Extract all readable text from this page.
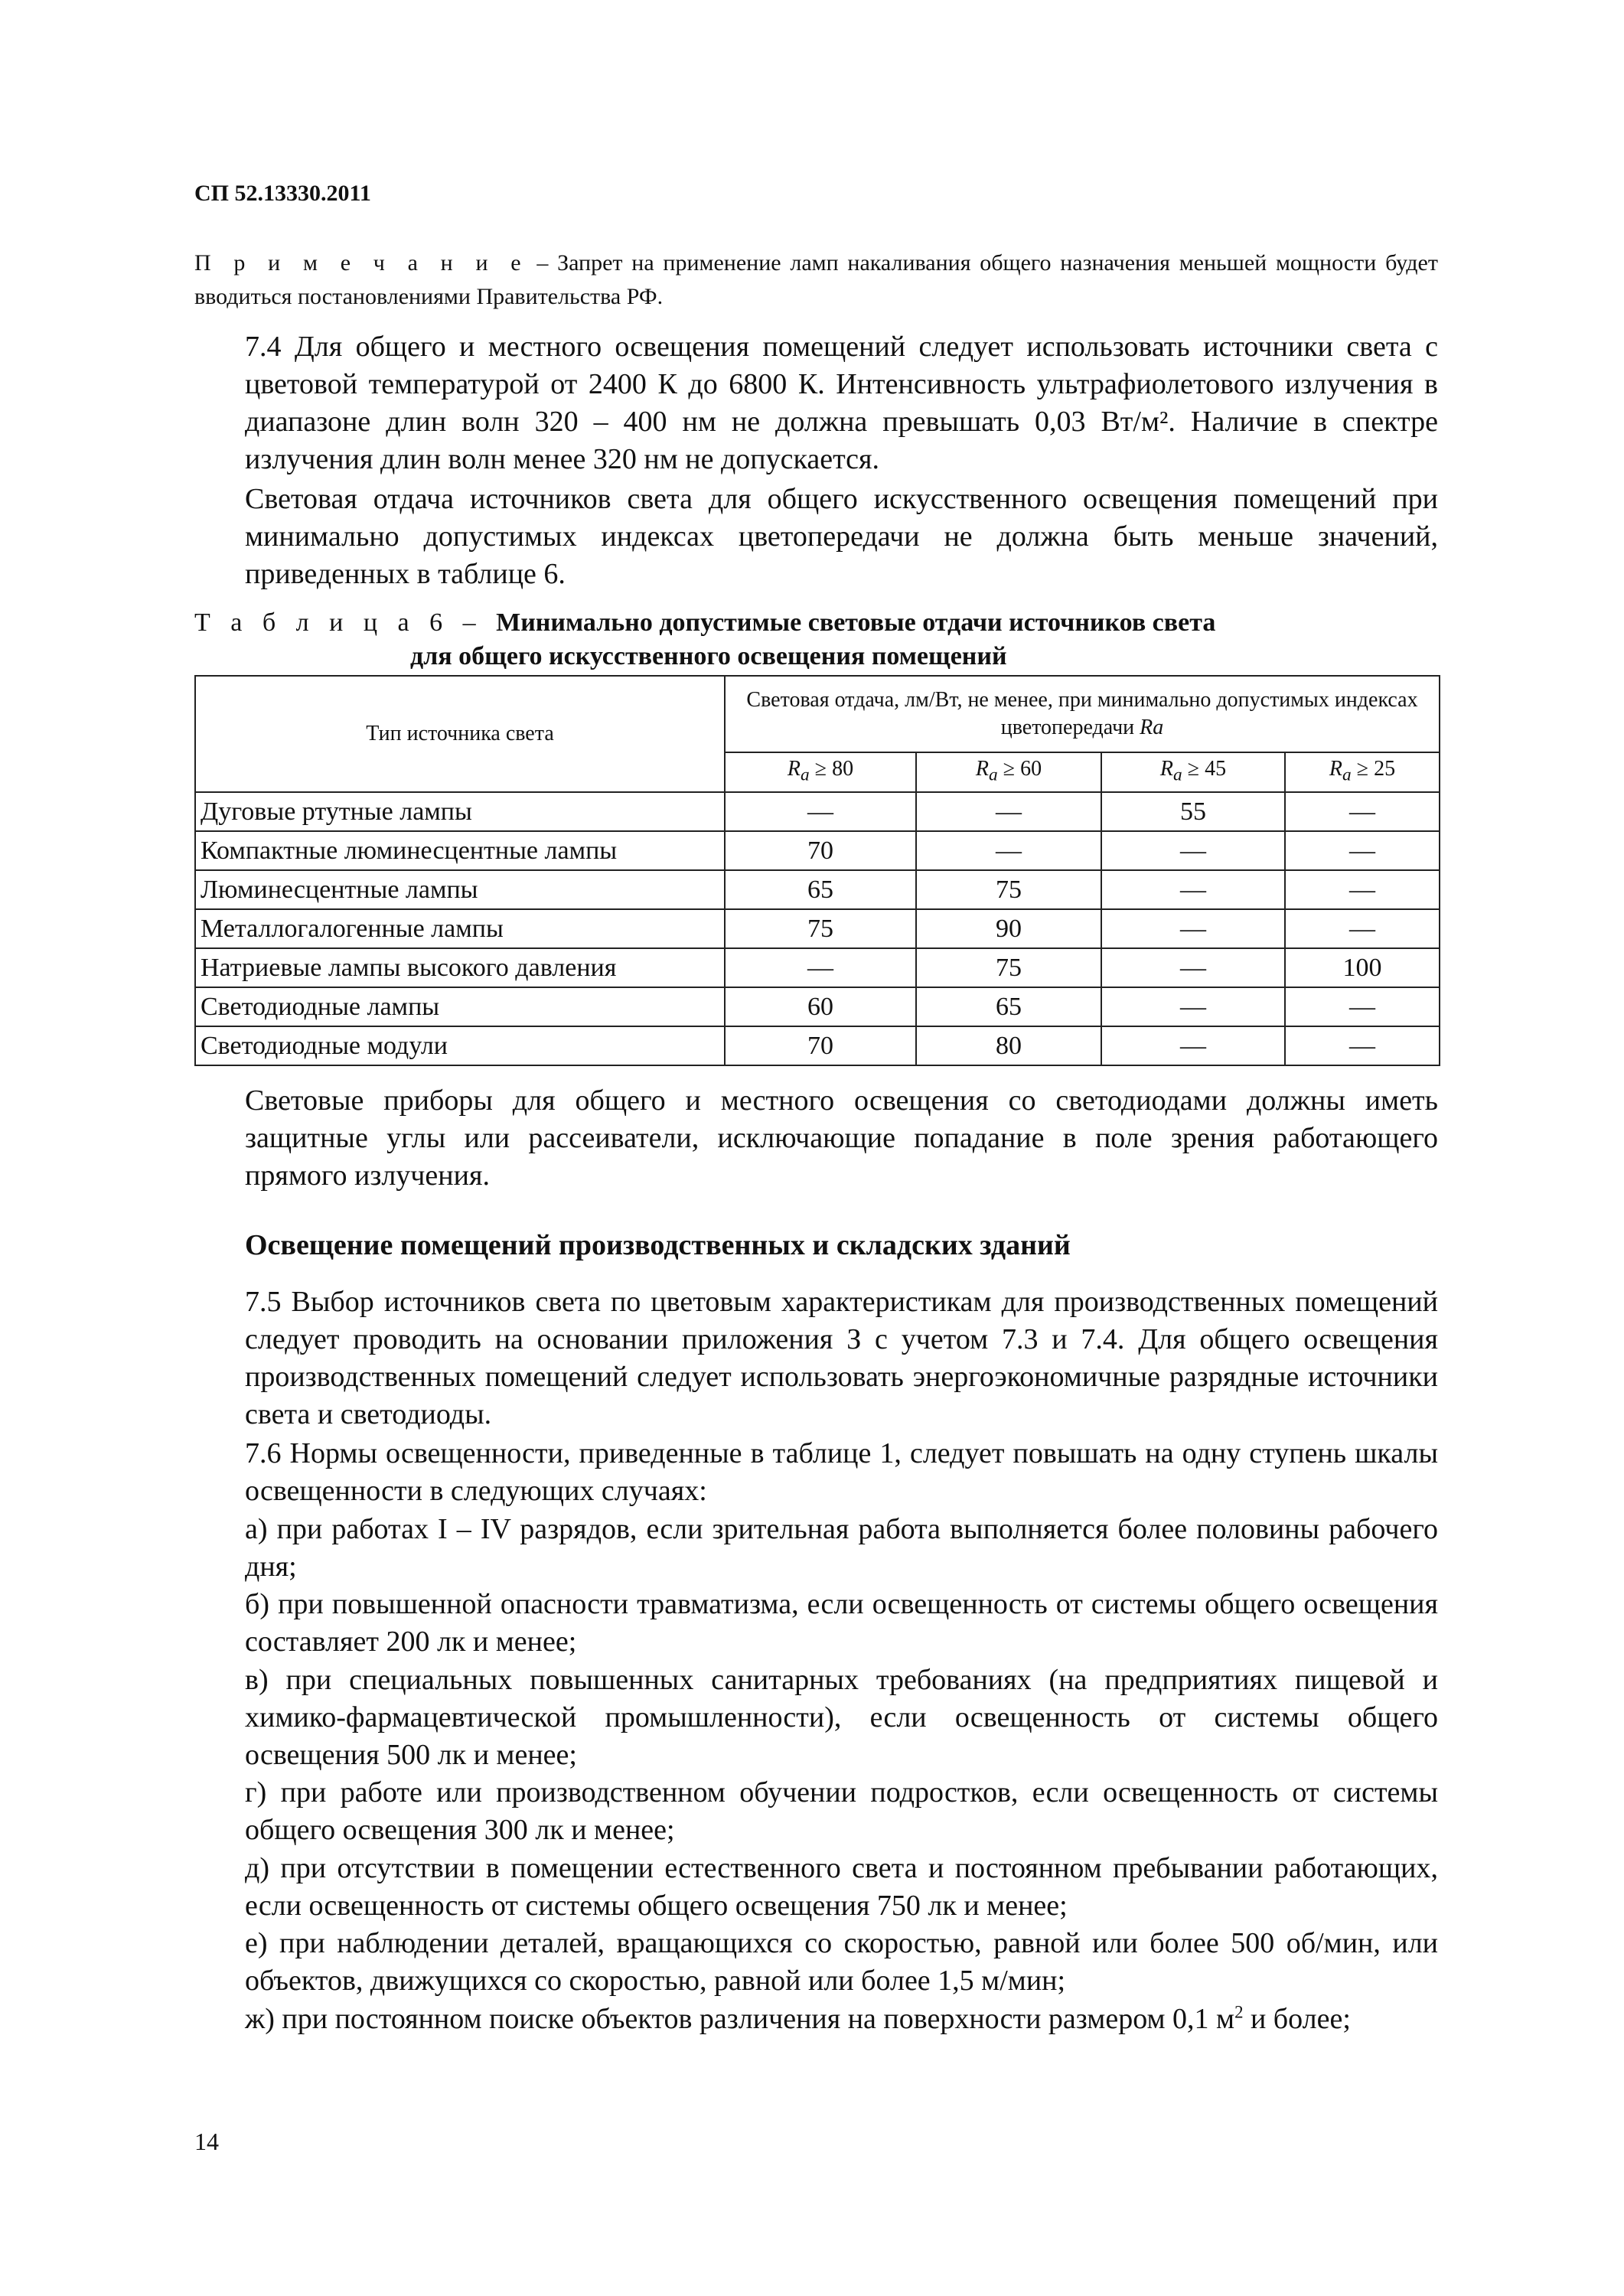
СП 52.13330.2011
П р и м е ч а н и е – Запрет на применение ламп накаливания общего назначения меньшей мощности будет вводиться постановлениями Правительства РФ.
7.4 Для общего и местного освещения помещений следует использовать источники света с цветовой температурой от 2400 К до 6800 К. Интенсивность ультрафиолетового излучения в диапазоне длин волн 320 – 400 нм не должна превышать 0,03 Вт/м². Наличие в спектре излучения длин волн менее 320 нм не допускается.
Световая отдача источников света для общего искусственного освещения помещений при минимально допустимых индексах цветопередачи не должна быть меньше значений, приведенных в таблице 6.
Т а б л и ц а 6 – Минимально допустимые световые отдачи источников света
для общего искусственного освещения помещений
Тип источника света	Световая отдача, лм/Вт, не менее, при минимально допустимых индексах цветопередачи Ra			
	$R_a \ge 80$	$R_a \ge 60$	$R_a \ge 45$	$R_a \ge 25$
Дуговые ртутные лампы	—	—	55	—
Компактные люминесцентные лампы	70	—	—	—
Люминесцентные лампы	65	75	—	—
Металлогалогенные лампы	75	90	—	—
Натриевые лампы высокого давления	—	75	—	100
Светодиодные лампы	60	65	—	—
Светодиодные модули	70	80	—	—
Световые приборы для общего и местного освещения со светодиодами должны иметь защитные углы или рассеиватели, исключающие попадание в поле зрения работающего прямого излучения.
Освещение помещений производственных и складских зданий
7.5 Выбор источников света по цветовым характеристикам для производственных помещений следует проводить на основании приложения З с учетом 7.3 и 7.4. Для общего освещения производственных помещений следует использовать энергоэкономичные разрядные источники света и светодиоды.
7.6 Нормы освещенности, приведенные в таблице 1, следует повышать на одну ступень шкалы освещенности в следующих случаях:
а) при работах I – IV разрядов, если зрительная работа выполняется более половины рабочего дня;
б) при повышенной опасности травматизма, если освещенность от системы общего освещения составляет 200 лк и менее;
в) при специальных повышенных санитарных требованиях (на предприятиях пищевой и химико-фармацевтической промышленности), если освещенность от системы общего освещения 500 лк и менее;
г) при работе или производственном обучении подростков, если освещенность от системы общего освещения 300 лк и менее;
д) при отсутствии в помещении естественного света и постоянном пребывании работающих, если освещенность от системы общего освещения 750 лк и менее;
е) при наблюдении деталей, вращающихся со скоростью, равной или более 500 об/мин, или объектов, движущихся со скоростью, равной или более 1,5 м/мин;
ж) при постоянном поиске объектов различения на поверхности размером 0,1 $м^2$ и более;
14
